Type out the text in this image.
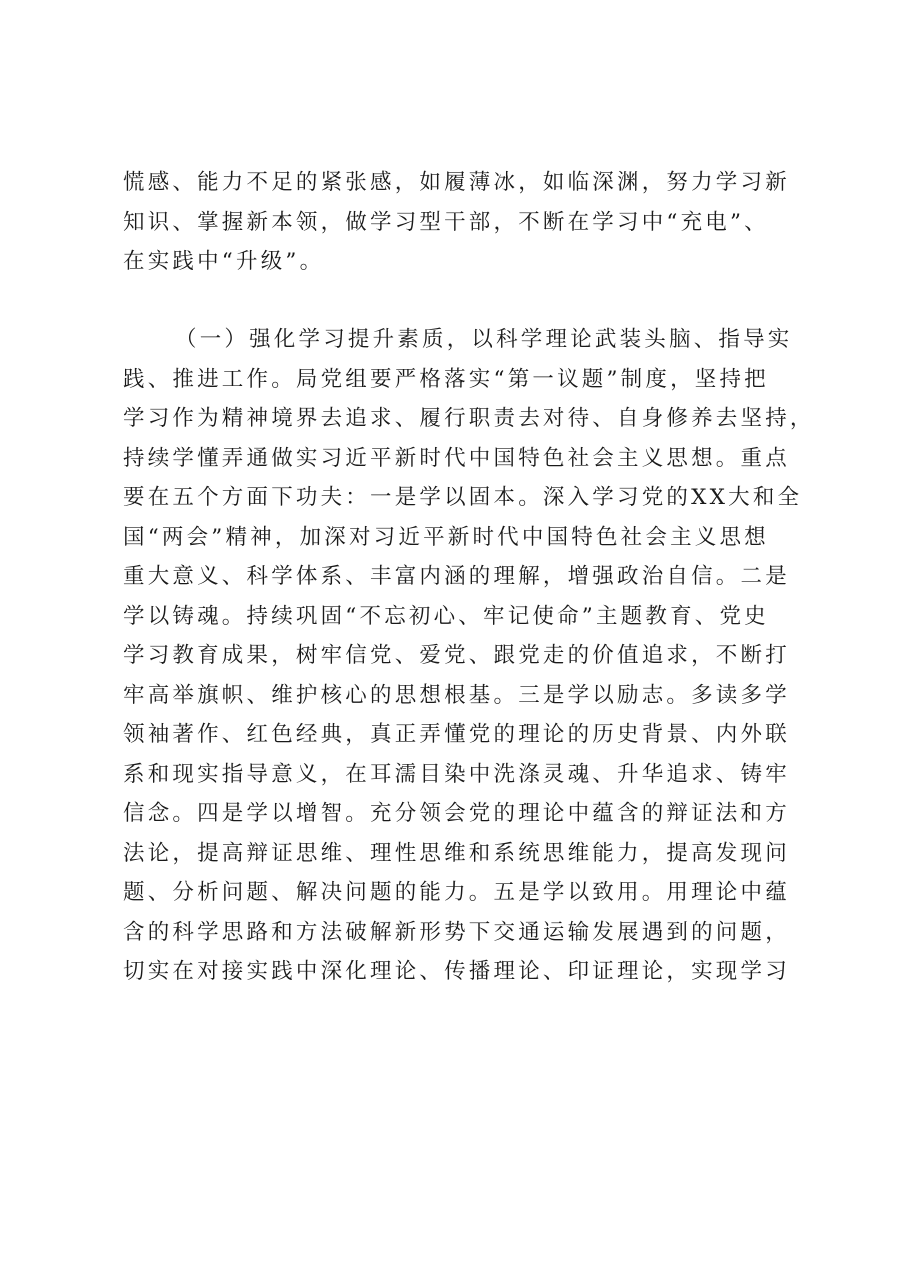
慌感、能力不足的紧张感，如履薄冰，如临深渊，努力学习新
知识、掌握新本领，做学习型干部，不断在学习中“充电”、
在实践中“升级”。
（一）强化学习提升素质，以科学理论武装头脑、指导实
践、推进工作。局党组要严格落实“第一议题”制度，坚持把
学习作为精神境界去追求、履行职责去对待、自身修养去坚持，
持续学懂弄通做实习近平新时代中国特色社会主义思想。重点
要在五个方面下功夫：一是学以固本。深入学习党的XX大和全
国“两会”精神，加深对习近平新时代中国特色社会主义思想
重大意义、科学体系、丰富内涵的理解，增强政治自信。二是
学以铸魂。持续巩固“不忘初心、牢记使命”主题教育、党史
学习教育成果，树牢信党、爱党、跟党走的价值追求，不断打
牢高举旗帜、维护核心的思想根基。三是学以励志。多读多学
领袖著作、红色经典，真正弄懂党的理论的历史背景、内外联
系和现实指导意义，在耳濡目染中洗涤灵魂、升华追求、铸牢
信念。四是学以增智。充分领会党的理论中蕴含的辩证法和方
法论，提高辩证思维、理性思维和系统思维能力，提高发现问
题、分析问题、解决问题的能力。五是学以致用。用理论中蕴
含的科学思路和方法破解新形势下交通运输发展遇到的问题，
切实在对接实践中深化理论、传播理论、印证理论，实现学习
